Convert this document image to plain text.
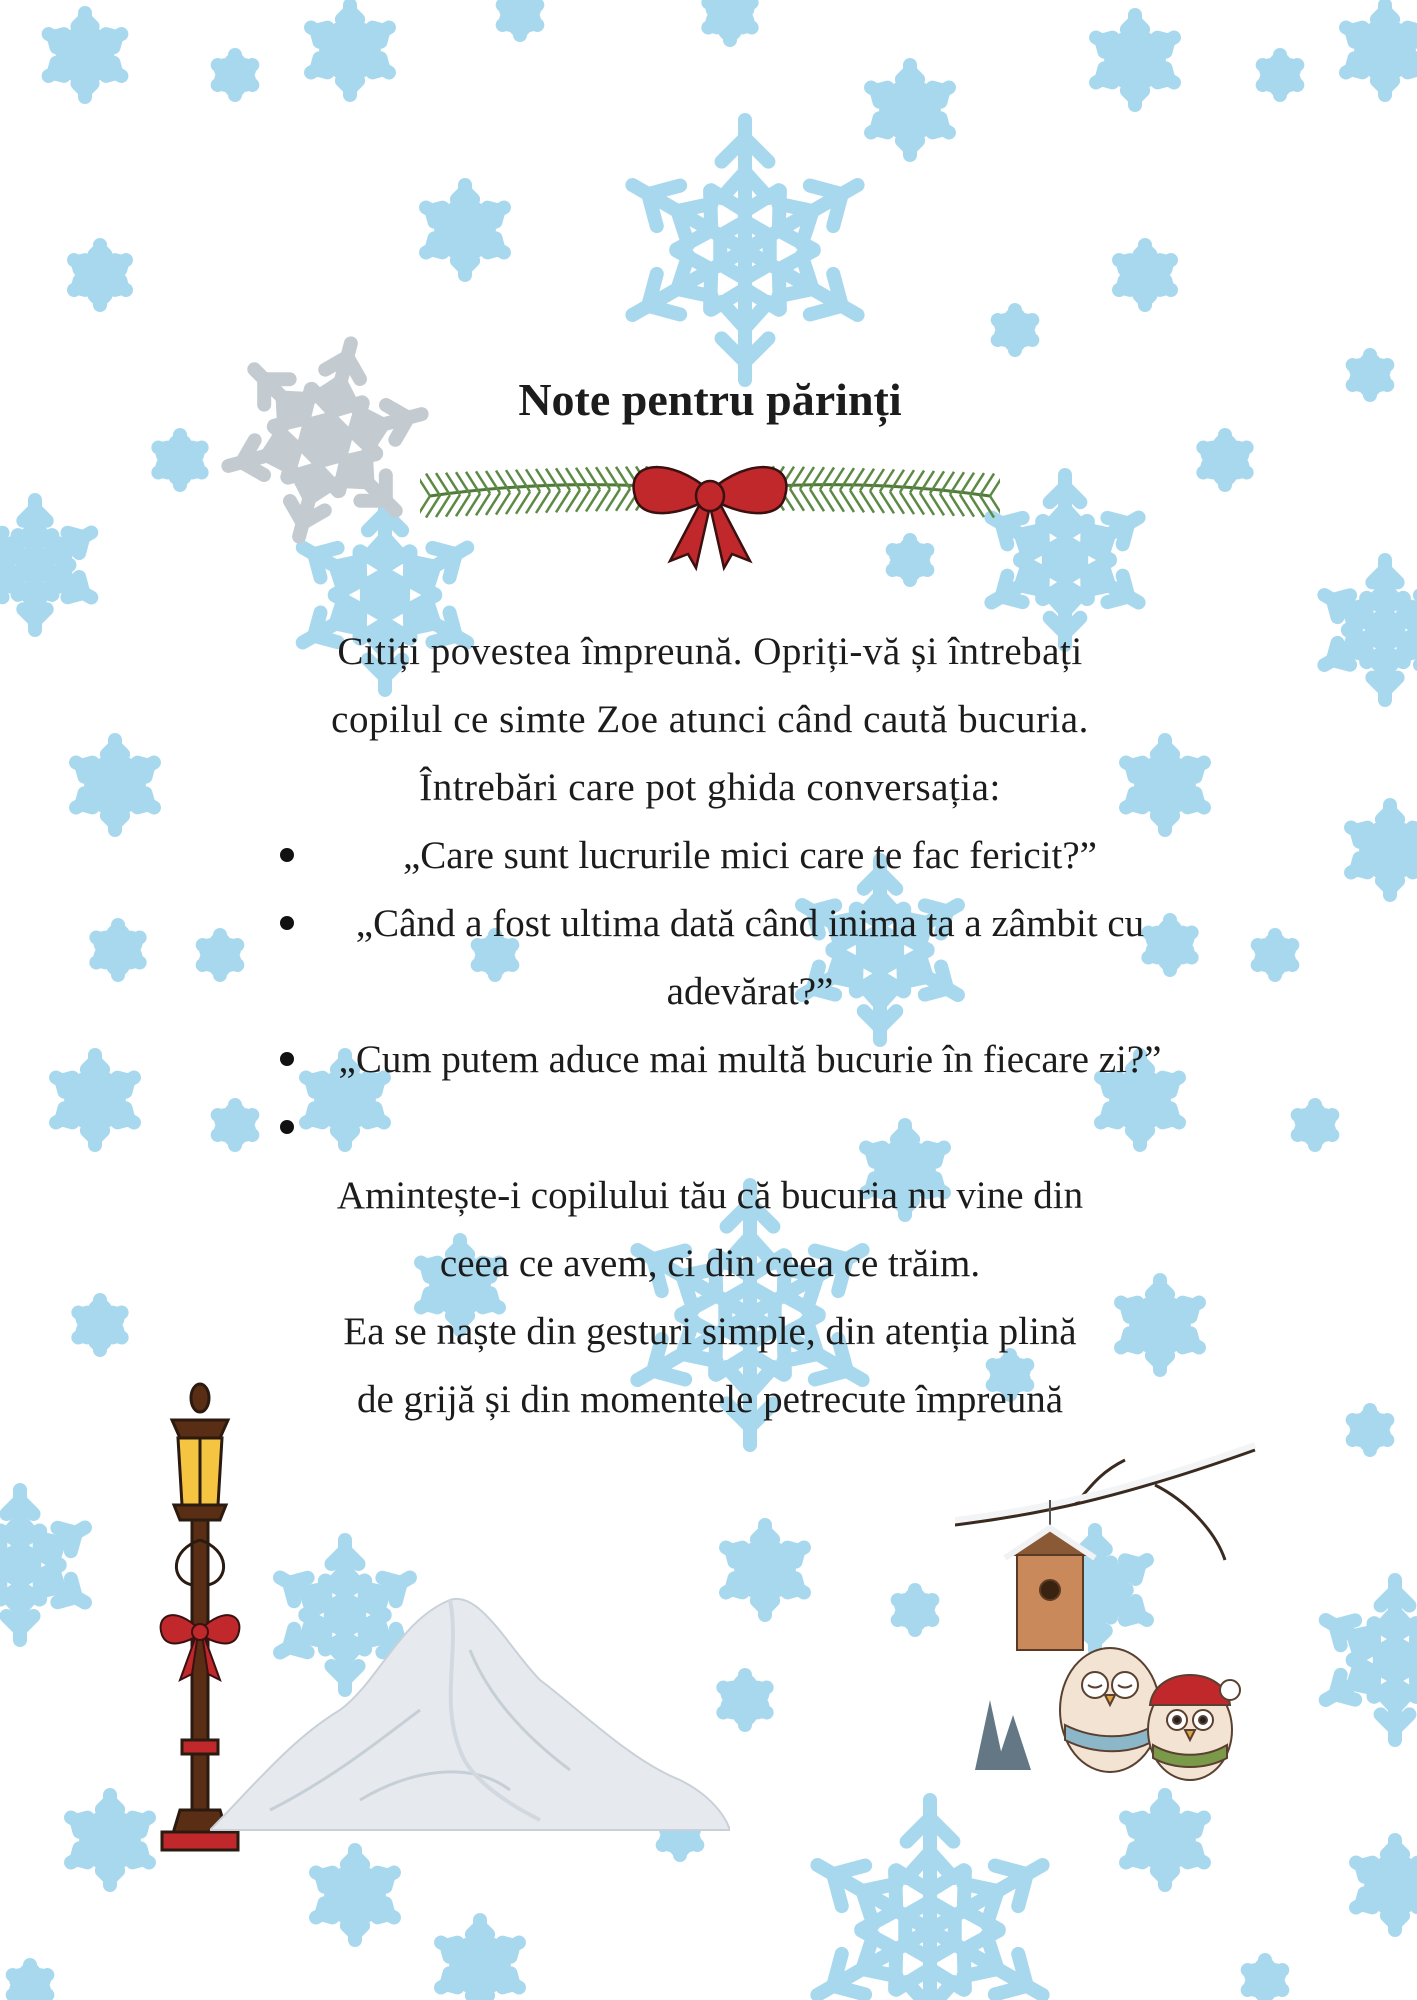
Note pentru părinți

Citiți povestea împreună. Opriți-vă și întrebați

copilul ce simte Zoe atunci când caută bucuria.

Întrebări care pot ghida conversația:

„Care sunt lucrurile mici care te fac fericit?”
„Când a fost ultima dată când inima ta a zâmbit cu adevărat?”
„Cum putem aduce mai multă bucurie în fiecare zi?”

Amintește-i copilului tău că bucuria nu vine din

ceea ce avem, ci din ceea ce trăim.

Ea se naște din gesturi simple, din atenția plină

de grijă și din momentele petrecute împreună
